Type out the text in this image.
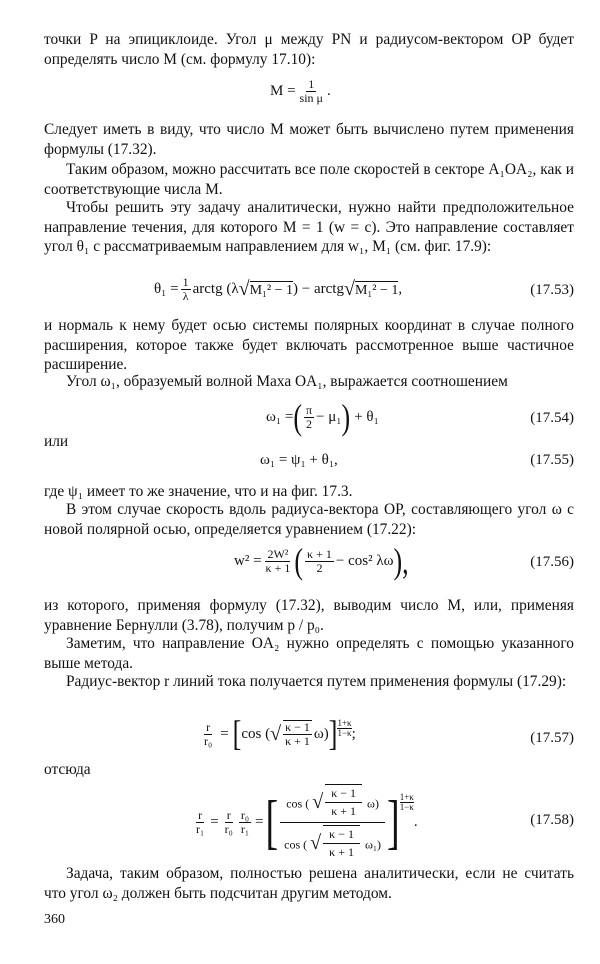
точки P на эпициклоиде. Угол μ между PN и радиусом-вектором OP будет определять число M (см. формулу 17.10):

$M = \frac{1}{\text{sin μ}}$ .

Следует иметь в виду, что число M может быть вычислено путем применения формулы (17.32).

Таким образом, можно рассчитать все поле скоростей в секторе A₁OA₂, как и соответствующие числа M.

Чтобы решить эту задачу аналитически, нужно найти предположительное направление течения, для которого M = 1 (w = c). Это направление составляет угол θ₁ с рассматриваемым направлением для w₁, M₁ (см. фиг. 17.9):

$\theta_1 = \frac{1}{\lambda}$ arctg (λ √ M₁² − 1 ) − arctg √ M₁² − 1 ,	(17.53)

и нормаль к нему будет осью системы полярных координат в случае полного расширения, которое также будет включать рассмотренное выше частичное расширение.

Угол ω₁, образуемый волной Маха OA₁, выражается соотношением

ω₁ = ( $\frac{\pi}{2} - \mu_1$ ) + θ₁	(17.54)

или

ω₁ = ψ₁ + θ₁,	(17.55)

где ψ₁ имеет то же значение, что и на фиг. 17.3.

В этом случае скорость вдоль радиуса-вектора OP, составляющего угол ω с новой полярной осью, определяется уравнением (17.22):

$w^2 = \frac{\text{2W²}}{\kappa + 1}$ ( $\frac{\kappa + 1}{2} - \cos^2$ λω ),	(17.56)

из которого, применяя формулу (17.32), выводим число M, или, применяя уравнение Бернулли (3.78), получим p / p₀.

Заметим, что направление OA₂ нужно определять с помощью указанного выше метода.

Радиус-вектор r линий тока получается путем применения формулы (17.29):

$\frac{r}{\text{r₀}}$ = [ cos ( √ $\frac{\kappa - 1}{\kappa + 1} \omega$) ] $\frac{1+\kappa}{1-\kappa}$ ;	(17.57)

отсюда

$\frac{r}{\text{r₁}} = \frac{r}{\text{r₀}} \frac{\text{r₀}}{\text{r₁}}$ = [ cos ( √ $\frac{\kappa - 1}{\kappa + 1} \omega$)
cos ( √ $\frac{\kappa - 1}{\kappa + 1} \omega_1$) ] $\frac{1+\kappa}{1-\kappa}$
.	(17.58)

Задача, таким образом, полностью решена аналитически, если не считать что угол ω₂ должен быть подсчитан другим методом.

360
